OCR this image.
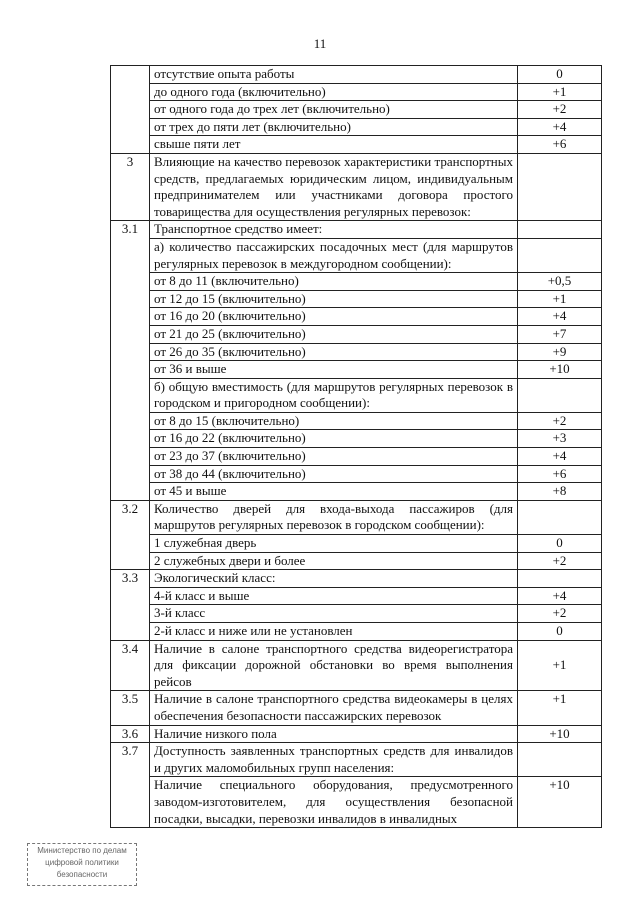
11
	отсутствие опыта работы	0
	до одного года (включительно)	+1
	от одного года до трех лет (включительно)	+2
	от трех до пяти лет (включительно)	+4
	свыше пяти лет	+6
3	Влияющие на качество перевозок характеристики транспортных средств, предлагаемых юридическим лицом, индивидуальным предпринимателем или участниками договора простого товарищества для осуществления регулярных перевозок:	
3.1	Транспортное средство имеет:	
	а) количество пассажирских посадочных мест (для маршрутов регулярных перевозок в междугородном сообщении):	
	от 8 до 11 (включительно)	+0,5
	от 12 до 15 (включительно)	+1
	от 16 до 20 (включительно)	+4
	от 21 до 25 (включительно)	+7
	от 26 до 35 (включительно)	+9
	от 36 и выше	+10
	б) общую вместимость (для маршрутов регулярных перевозок в городском и пригородном сообщении):	
	от 8 до 15 (включительно)	+2
	от 16 до 22 (включительно)	+3
	от 23 до 37 (включительно)	+4
	от 38 до 44 (включительно)	+6
	от 45 и выше	+8
3.2	Количество дверей для входа-выхода пассажиров (для маршрутов регулярных перевозок в городском сообщении):	
	1 служебная дверь	0
	2 служебных двери и более	+2
3.3	Экологический класс:	
	4-й класс и выше	+4
	3-й класс	+2
	2-й класс и ниже или не установлен	0
3.4	Наличие в салоне транспортного средства видеорегистратора для фиксации дорожной обстановки во время выполнения рейсов	+1
3.5	Наличие в салоне транспортного средства видеокамеры в целях обеспечения безопасности пассажирских перевозок	+1
3.6	Наличие низкого пола	+10
3.7	Доступность заявленных транспортных средств для инвалидов и других маломобильных групп населения:	
	Наличие специального оборудования, предусмотренного заводом-изготовителем, для осуществления безопасной посадки, высадки, перевозки инвалидов в инвалидных	+10
Министерство по делам
цифровой политики
безопасности
